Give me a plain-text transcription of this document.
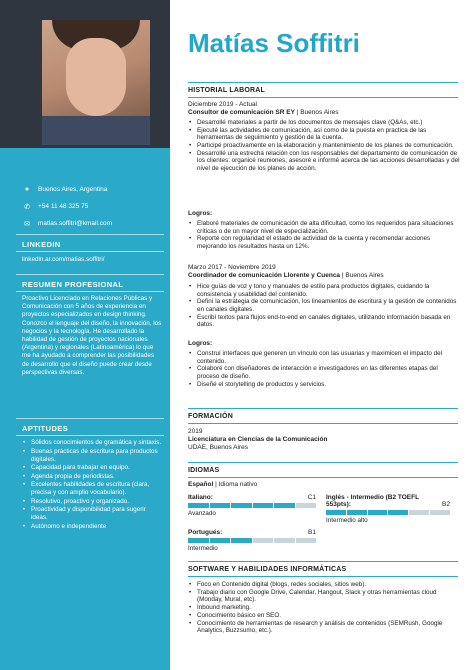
●	Buenos Aires, Argentina
✆	+54 11 48 325 75
✉	matias.soffitri@kmail.com
LINKEDIN
linkedin.ar.com/matias.soffitri/
RESUMEN PROFESIONAL
Proactivo Licenciado en Relaciones Públicas y Comunicación con 5 años de experiencia en proyectos especializados en design thinking. Conozco el lenguaje del diseño, la innovación, los negocios y la tecnología. He desarrollado la habilidad de gestión de proyectos nacionales (Argentina) y regionales (Latinoamérica) lo que me ha ayudado a comprender las posibilidades de desarrollo que el diseño puede crear desde perspectivas diversas.
APTITUDES
• Sólidos conocimientos de gramática y sintaxis.
• Buenas prácticas de escritura para productos digitales.
• Capacidad para trabajar en equipo.
• Agenda propia de periodistas.
• Excelentes habilidades de escritura (clara, precisa y con amplio vocabulario).
• Resolutivo, proactivo y organizado.
• Proactividad y disponibilidad para sugerir ideas.
• Autónomo e independiente
Matías Soffitri
HISTORIAL LABORAL
Diciembre 2019 - Actual
Consultor de comunicación SR EY | Buenos Aires
• Desarrollé materiales a partir de los documentos de mensajes clave (Q&As, etc.)
• Ejecuté las actividades de comunicación, así como de la puesta en practica de las herramientas de seguimiento y gestión de la cuenta.
• Participé proactivamente en la elaboración y mantenimiento de los planes de comunicación.
• Desarrollé una estrecha relación con los responsables del departamento de comunicación de los clientes: organicé reuniones, asesoré e informé acerca de las acciones desarrolladas y del nivel de ejecución de los planes de acción.
Logros:
• Elaboré materiales de comunicación de alta dificultad, como los requeridos para situaciones críticas o de un mayor nivel de especialización.
• Reporté con regularidad el estado de actividad de la cuenta y recomendar acciones mejorando los resultados hasta un 12%.
Marzo 2017 - Noviembre 2019
Coordinador de comunicación Llorente y Cuenca | Buenos Aires
• Hice guías de voz y tono y manuales de estilo para productos digitales, cuidando la consistencia y usabilidad del contenido.
• Definí la estrategia de comunicación, los lineamientos de escritura y la gestión de contenidos en canales digitales.
• Escribí textos para flujos end-to-end en canales digitales, utilizando información basada en datos.
Logros:
• Construí interfaces que generen un vínculo con las usuarias y maximicen el impacto del contenido.
• Colaboré con diseñadores de interacción e investigadores en las diferentes etapas del proceso de diseño.
• Diseñé el storytelling de productos y servicios.
FORMACIÓN
2019
Licenciatura en Ciencias de la Comunicación
UDAE, Buenos Aires
IDIOMAS
Español | Idioma nativo
Italiano:	C1
Avanzado
Inglés - Intermedio (B2 TOEFL 553pts):	B2
Intermedio alto
Portugués:	B1
Intermedio
SOFTWARE Y HABILIDADES INFORMÁTICAS
• Foco en Contenido digital (blogs, redes sociales, sitios web).
• Trabajo diario con Google Drive, Calendar, Hangout, Slack y otras herramientas cloud (Monday, Mural, etc).
• Inbound marketing.
• Conocimiento básico en SEO.
• Conocimiento de herramientas de research y análisis de contenidos (SEMRush, Google Analytics, Buzzsumo, etc.).
